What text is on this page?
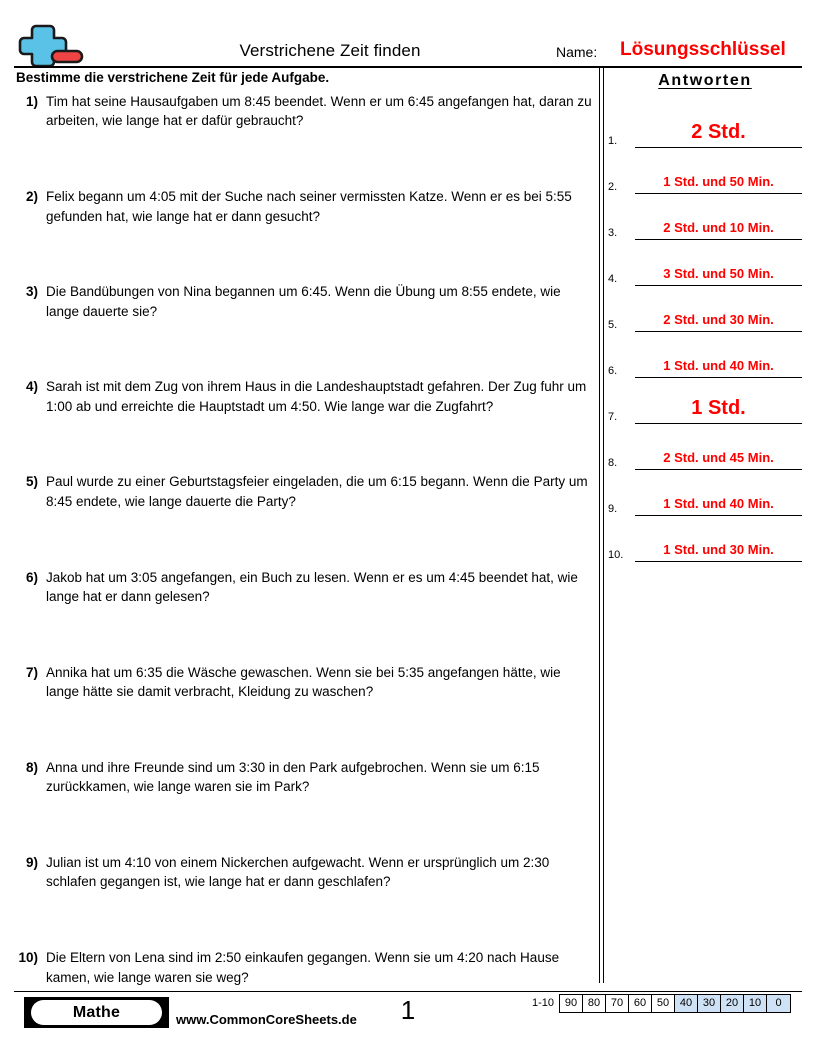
Verstrichene Zeit finden	Name: Lösungsschlüssel
Bestimme die verstrichene Zeit für jede Aufgabe.
1) Tim hat seine Hausaufgaben um 8:45 beendet. Wenn er um 6:45 angefangen hat, daran zu arbeiten, wie lange hat er dafür gebraucht?
2) Felix begann um 4:05 mit der Suche nach seiner vermissten Katze. Wenn er es bei 5:55 gefunden hat, wie lange hat er dann gesucht?
3) Die Bandübungen von Nina begannen um 6:45. Wenn die Übung um 8:55 endete, wie lange dauerte sie?
4) Sarah ist mit dem Zug von ihrem Haus in die Landeshauptstadt gefahren. Der Zug fuhr um 1:00 ab und erreichte die Hauptstadt um 4:50. Wie lange war die Zugfahrt?
5) Paul wurde zu einer Geburtstagsfeier eingeladen, die um 6:15 begann. Wenn die Party um 8:45 endete, wie lange dauerte die Party?
6) Jakob hat um 3:05 angefangen, ein Buch zu lesen. Wenn er es um 4:45 beendet hat, wie lange hat er dann gelesen?
7) Annika hat um 6:35 die Wäsche gewaschen. Wenn sie bei 5:35 angefangen hätte, wie lange hätte sie damit verbracht, Kleidung zu waschen?
8) Anna und ihre Freunde sind um 3:30 in den Park aufgebrochen. Wenn sie um 6:15 zurückkamen, wie lange waren sie im Park?
9) Julian ist um 4:10 von einem Nickerchen aufgewacht. Wenn er ursprünglich um 2:30 schlafen gegangen ist, wie lange hat er dann geschlafen?
10) Die Eltern von Lena sind im 2:50 einkaufen gegangen. Wenn sie um 4:20 nach Hause kamen, wie lange waren sie weg?
Antworten
1.	2 Std.
2.	1 Std. und 50 Min.
3.	2 Std. und 10 Min.
4.	3 Std. und 50 Min.
5.	2 Std. und 30 Min.
6.	1 Std. und 40 Min.
7.	1 Std.
8.	2 Std. und 45 Min.
9.	1 Std. und 40 Min.
10.	1 Std. und 30 Min.
Mathe	www.CommonCoreSheets.de	1	1-10 90 80 70 60 50 40 30 20 10	0
